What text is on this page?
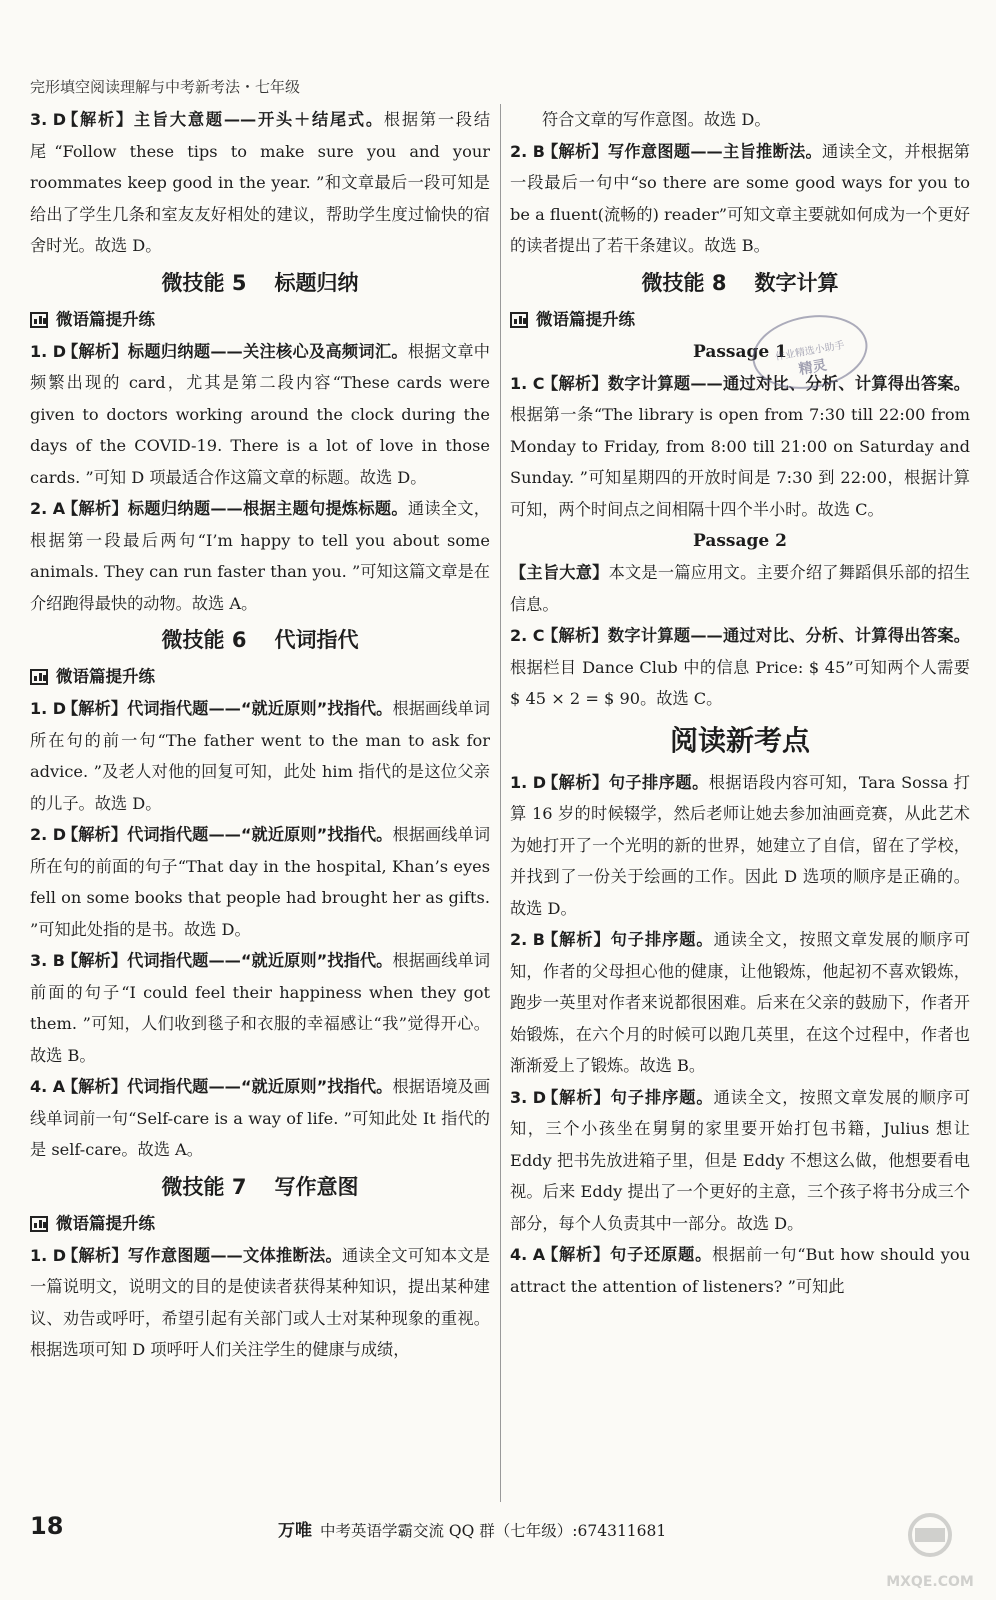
完形填空阅读理解与中考新考法・七年级
3. D

【解析】主旨大意题——开头＋结尾式。根据第一段结尾“Follow these tips to make sure you and your roommates keep good in the year. ”和文章最后一段可知是给出了学生几条和室友友好相处的建议，帮助学生度过愉快的宿舍时光。故选 D。

微技能 5 标题归纳
微语篇提升练
1. D

【解析】标题归纳题——关注核心及高频词汇。根据文章中频繁出现的 card，尤其是第二段内容“These cards were given to doctors working around the clock during the days of the COVID-19. There is a lot of love in those cards. ”可知 D 项最适合作这篇文章的标题。故选 D。

2. A

【解析】标题归纳题——根据主题句提炼标题。通读全文，根据第一段最后两句“I’m happy to tell you about some animals. They can run faster than you. ”可知这篇文章是在介绍跑得最快的动物。故选 A。

微技能 6 代词指代
微语篇提升练
1. D

【解析】代词指代题——“就近原则”找指代。根据画线单词所在句的前一句“The father went to the man to ask for advice. ”及老人对他的回复可知，此处 him 指代的是这位父亲的儿子。故选 D。

2. D

【解析】代词指代题——“就近原则”找指代。根据画线单词所在句的前面的句子“That day in the hospital, Khan’s eyes fell on some books that people had brought her as gifts. ”可知此处指的是书。故选 D。

3. B

【解析】代词指代题——“就近原则”找指代。根据画线单词前面的句子“I could feel their happiness when they got them. ”可知，人们收到毯子和衣服的幸福感让“我”觉得开心。故选 B。

4. A

【解析】代词指代题——“就近原则”找指代。根据语境及画线单词前一句“Self-care is a way of life. ”可知此处 It 指代的是 self-care。故选 A。

微技能 7 写作意图
微语篇提升练
1. D

【解析】写作意图题——文体推断法。通读全文可知本文是一篇说明文，说明文的目的是使读者获得某种知识，提出某种建议、劝告或呼吁，希望引起有关部门或人士对某种现象的重视。根据选项可知 D 项呼吁人们关注学生的健康与成绩，

符合文章的写作意图。故选 D。

2. B

【解析】写作意图题——主旨推断法。通读全文，并根据第一段最后一句中“so there are some good ways for you to be a fluent(流畅的) reader”可知文章主要就如何成为一个更好的读者提出了若干条建议。故选 B。

微技能 8 数字计算
微语篇提升练
Passage 1
1. C

【解析】数字计算题——通过对比、分析、计算得出答案。根据第一条“The library is open from 7:30 till 22:00 from Monday to Friday, from 8:00 till 21:00 on Saturday and Sunday. ”可知星期四的开放时间是 7:30 到 22:00，根据计算可知，两个时间点之间相隔十四个半小时。故选 C。

Passage 2

【主旨大意】本文是一篇应用文。主要介绍了舞蹈俱乐部的招生信息。

2. C

【解析】数字计算题——通过对比、分析、计算得出答案。根据栏目 Dance Club 中的信息 Price: $ 45”可知两个人需要 $ 45 × 2 = $ 90。故选 C。

阅读新考点
1. D

【解析】句子排序题。根据语段内容可知，Tara Sossa 打算 16 岁的时候辍学，然后老师让她去参加油画竞赛，从此艺术为她打开了一个光明的新的世界，她建立了自信，留在了学校，并找到了一份关于绘画的工作。因此 D 选项的顺序是正确的。故选 D。

2. B

【解析】句子排序题。通读全文，按照文章发展的顺序可知，作者的父母担心他的健康，让他锻炼，他起初不喜欢锻炼，跑步一英里对作者来说都很困难。后来在父亲的鼓励下，作者开始锻炼，在六个月的时候可以跑几英里，在这个过程中，作者也渐渐爱上了锻炼。故选 B。

3. D

【解析】句子排序题。通读全文，按照文章发展的顺序可知，三个小孩坐在舅舅的家里要开始打包书籍，Julius 想让 Eddy 把书先放进箱子里，但是 Eddy 不想这么做，他想要看电视。后来 Eddy 提出了一个更好的主意，三个孩子将书分成三个部分，每个人负责其中一部分。故选 D。

4. A

【解析】句子还原题。根据前一句“But how should you attract the attention of listeners? ”可知此

作业精选小助手
精灵
18	万唯 中考英语学霸交流 QQ 群（七年级）:674311681
MXQE.COM
